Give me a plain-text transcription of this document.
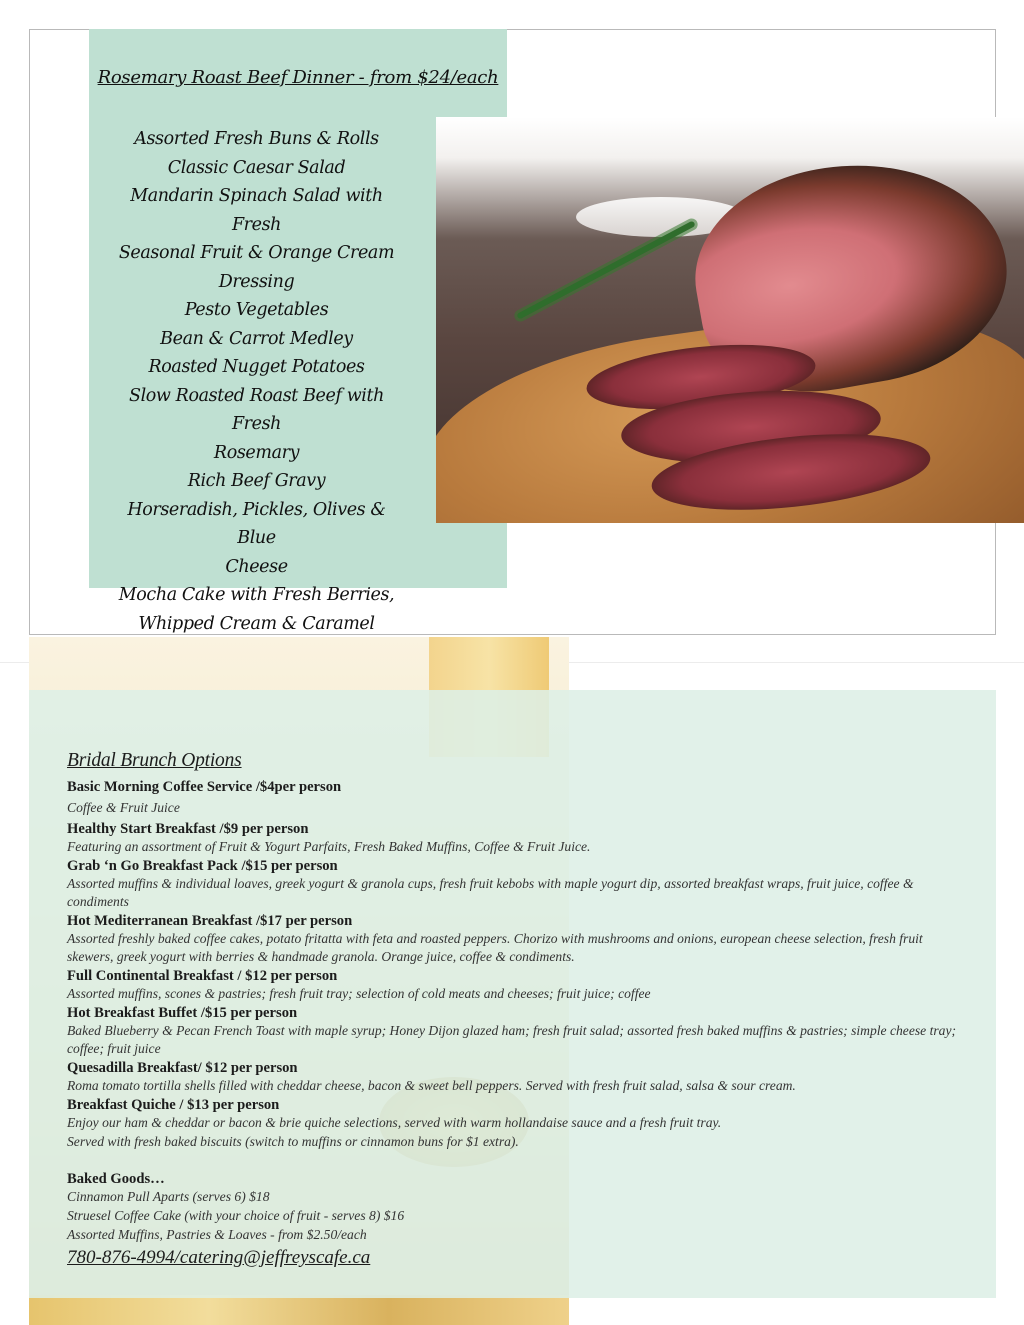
Rosemary Roast Beef Dinner - from $24/each
Assorted Fresh Buns & Rolls
Classic Caesar Salad
Mandarin Spinach Salad with Fresh
Seasonal Fruit & Orange Cream
Dressing
Pesto Vegetables
Bean & Carrot Medley
Roasted Nugget Potatoes
Slow Roasted Roast Beef with Fresh
Rosemary
Rich Beef Gravy
Horseradish, Pickles, Olives & Blue
Cheese
Mocha Cake with Fresh Berries,
Whipped Cream & Caramel
Bridal Brunch Options
Basic Morning Coffee Service /$4per person
Coffee & Fruit Juice
Healthy Start Breakfast /$9 per person
Featuring an assortment of Fruit & Yogurt Parfaits, Fresh Baked Muffins, Coffee & Fruit Juice.
Grab ‘n Go Breakfast Pack /$15 per person
Assorted muffins & individual loaves, greek yogurt & granola cups, fresh fruit kebobs with maple yogurt dip, assorted breakfast wraps, fruit juice, coffee & condiments
Hot Mediterranean Breakfast /$17 per person
Assorted freshly baked coffee cakes, potato fritatta with feta and roasted peppers. Chorizo with mushrooms and onions, european cheese selection, fresh fruit skewers, greek yogurt with berries & handmade granola. Orange juice, coffee & condiments.
Full Continental Breakfast / $12 per person
Assorted muffins, scones & pastries; fresh fruit tray; selection of cold meats and cheeses; fruit juice; coffee
Hot Breakfast Buffet /$15 per person
Baked Blueberry & Pecan French Toast with maple syrup; Honey Dijon glazed ham; fresh fruit salad; assorted fresh baked muffins & pastries; simple cheese tray; coffee; fruit juice
Quesadilla Breakfast/ $12 per person
Roma tomato tortilla shells filled with cheddar cheese, bacon & sweet bell peppers. Served with fresh fruit salad, salsa & sour cream.
Breakfast Quiche / $13 per person
Enjoy our ham & cheddar or bacon & brie quiche selections, served with warm hollandaise sauce and a fresh fruit tray.
Served with fresh baked biscuits (switch to muffins or cinnamon buns for $1 extra).
Baked Goods…
Cinnamon Pull Aparts (serves 6) $18
Struesel Coffee Cake (with your choice of fruit - serves 8) $16
Assorted Muffins, Pastries & Loaves - from $2.50/each
780-876-4994/catering@jeffreyscafe.ca
